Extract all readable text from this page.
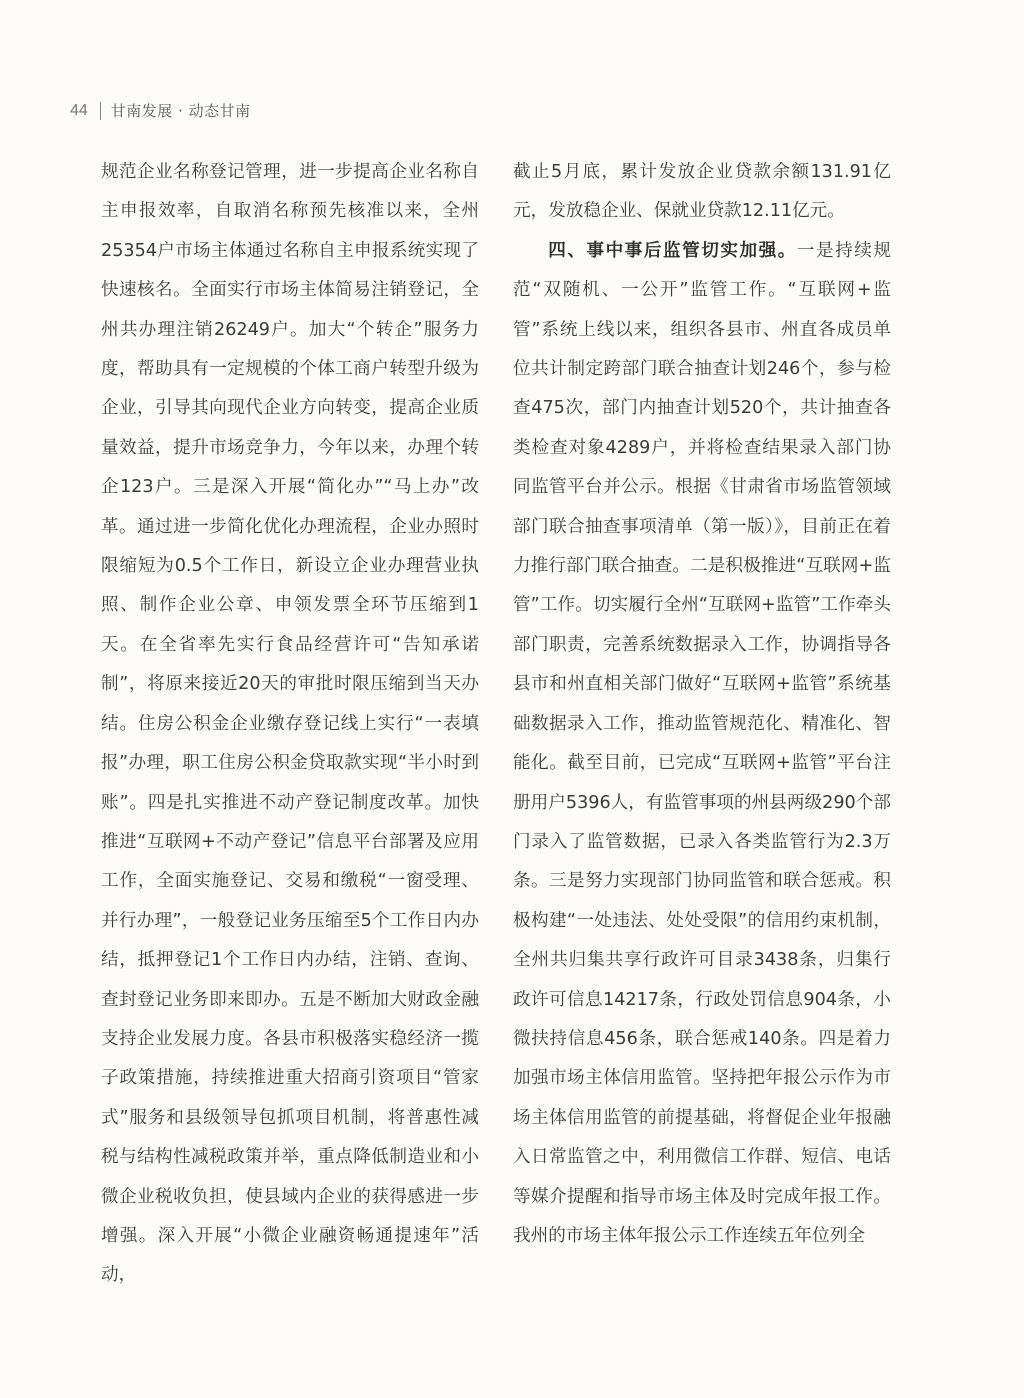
44 甘南发展 · 动态甘南

规范企业名称登记管理，进一步提高企业名称自主申报效率，自取消名称预先核准以来，全州25354户市场主体通过名称自主申报系统实现了快速核名。全面实行市场主体简易注销登记，全州共办理注销26249户。加大“个转企”服务力度，帮助具有一定规模的个体工商户转型升级为企业，引导其向现代企业方向转变，提高企业质量效益，提升市场竞争力，今年以来，办理个转企123户。三是深入开展“简化办”“马上办”改革。通过进一步简化优化办理流程，企业办照时限缩短为0.5个工作日，新设立企业办理营业执照、制作企业公章、申领发票全环节压缩到1天。在全省率先实行食品经营许可“告知承诺制”，将原来接近20天的审批时限压缩到当天办结。住房公积金企业缴存登记线上实行“一表填报”办理，职工住房公积金贷取款实现“半小时到账”。四是扎实推进不动产登记制度改革。加快推进“互联网+不动产登记”信息平台部署及应用工作，全面实施登记、交易和缴税“一窗受理、并行办理”，一般登记业务压缩至5个工作日内办结，抵押登记1个工作日内办结，注销、查询、查封登记业务即来即办。五是不断加大财政金融支持企业发展力度。各县市积极落实稳经济一揽子政策措施，持续推进重大招商引资项目“管家式”服务和县级领导包抓项目机制，将普惠性减税与结构性减税政策并举，重点降低制造业和小微企业税收负担，使县域内企业的获得感进一步增强。深入开展“小微企业融资畅通提速年”活动，

截止5月底，累计发放企业贷款余额131.91亿元，发放稳企业、保就业贷款12.11亿元。

四、事中事后监管切实加强。一是持续规范“双随机、一公开”监管工作。“互联网+监管”系统上线以来，组织各县市、州直各成员单位共计制定跨部门联合抽查计划246个，参与检查475次，部门内抽查计划520个，共计抽查各类检查对象4289户，并将检查结果录入部门协同监管平台并公示。根据《甘肃省市场监管领域部门联合抽查事项清单（第一版）》，目前正在着力推行部门联合抽查。二是积极推进“互联网+监管”工作。切实履行全州“互联网+监管”工作牵头部门职责，完善系统数据录入工作，协调指导各县市和州直相关部门做好“互联网+监管”系统基础数据录入工作，推动监管规范化、精准化、智能化。截至目前，已完成“互联网+监管”平台注册用户5396人，有监管事项的州县两级290个部门录入了监管数据，已录入各类监管行为2.3万条。三是努力实现部门协同监管和联合惩戒。积极构建“一处违法、处处受限”的信用约束机制，全州共归集共享行政许可目录3438条，归集行政许可信息14217条，行政处罚信息904条，小微扶持信息456条，联合惩戒140条。四是着力加强市场主体信用监管。坚持把年报公示作为市场主体信用监管的前提基础，将督促企业年报融入日常监管之中，利用微信工作群、短信、电话等媒介提醒和指导市场主体及时完成年报工作。我州的市场主体年报公示工作连续五年位列全
